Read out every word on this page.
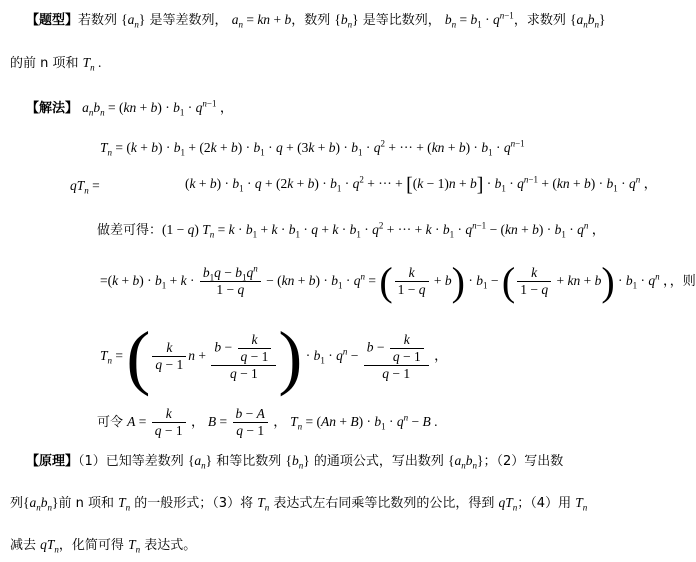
【题型】若数列 $\{a_n\}$ 是等差数列， $a_n$ = kn + b，数列 $\{b_n\}$ 是等比数列， $b_n = b_1 \cdot q^{n-1}$，求数列 $\{a_nb_n\}$
的前 n 项和 $T_n$ .
【解法】 $a_nb_n = (kn + b) \cdot b_1 \cdot q^{n-1}$ ，
$T_n = (k + b) \cdot b_1 + (2k + b) \cdot b_1 \cdot q + (3k + b) \cdot b_1 \cdot q^2$ + ··· + $(kn + b) \cdot b_1 \cdot q^{n-1}$
$qT_n$ =	$(k + b) \cdot b_1 \cdot q + (2k + b) \cdot b_1 \cdot q^2$ + ··· + $[(k - 1)n + b] \cdot b_1 \cdot q^{n-1} + (kn + b) \cdot b_1 \cdot q^n$ ，
做差可得：(1 − q) $T_n = k \cdot b_1 + k \cdot b_1 \cdot q + k \cdot b_1 \cdot q^2$ + ··· + $k \cdot b_1 \cdot q^{n-1} - (kn + b) \cdot b_1 \cdot q^n$ ，
$=(k + b) \cdot b_1 + k \cdot \frac{b_1q - b_1q^n}{1 - q} - (kn + b) \cdot b_1 \cdot q^n$ = ( $\frac{k}{1 - q} + b) \cdot b_1$ − ( $\frac{k}{1 - q}$ + kn + $b) \cdot b_1 \cdot q^n$ ，，则
$T_n$ = ( $\frac{k}{q - 1}$ $n + \frac{b - \frac{k}{q - 1}}{q - 1}$ ) · $b_1 \cdot q^n - \frac{b - \frac{k}{q - 1}}{q - 1}$ ，
可令 $A = \frac{k}{q - 1}$ ， $B = \frac{b - A}{q - 1}$ ， $T_n = (An + B) \cdot b_1 \cdot q^n - B$ .
【原理】（1）已知等差数列 $\{a_n\}$ 和等比数列 $\{b_n\}$ 的通项公式，写出数列 $\{a_nb_n\}$；（2）写出数
列$\{a_nb_n\}$前 n 项和 $T_n$ 的一般形式；（3）将 $T_n$ 表达式左右同乘等比数列的公比，得到 $qT_n$；（4）用 $T_n$
减去 $qT_n$，化简可得 $T_n$ 表达式。
